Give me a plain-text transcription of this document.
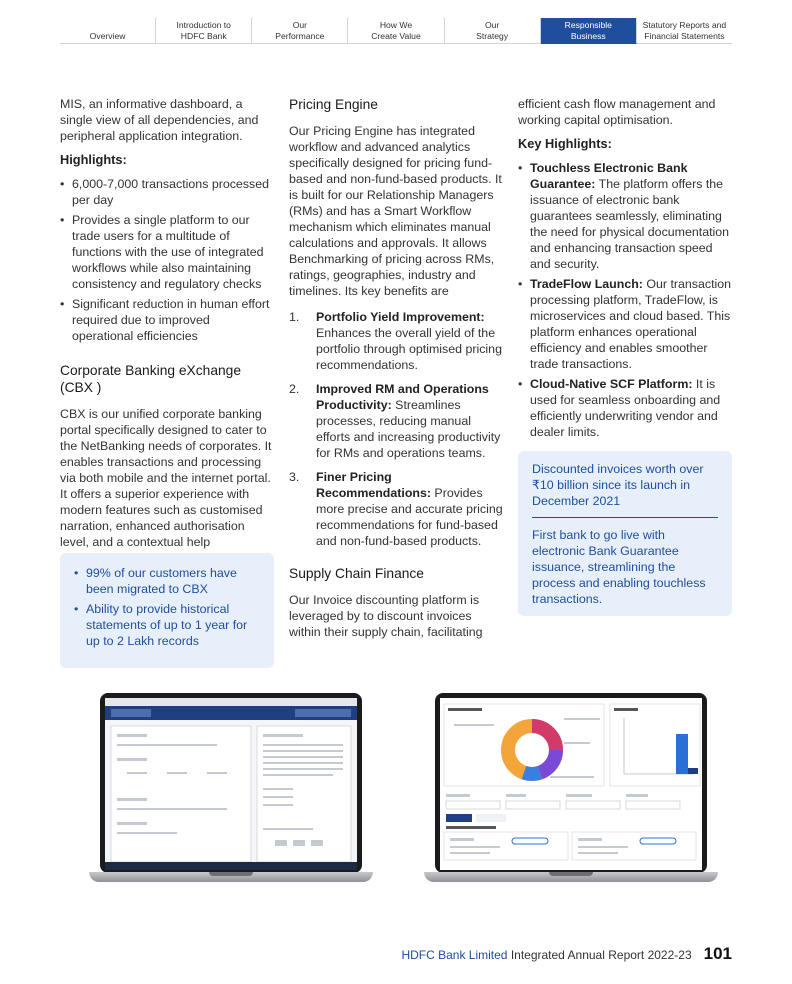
Overview
Introduction to
HDFC Bank
Our
Performance
How We
Create Value
Our
Strategy
Responsible
Business
Statutory Reports and
Financial Statements

MIS, an informative dashboard, a single view of all dependencies, and peripheral application integration.

Highlights:
• 6,000-7,000 transactions processed per day
• Provides a single platform to our trade users for a multitude of functions with the use of integrated workflows while also maintaining consistency and regulatory checks
• Significant reduction in human effort required due to improved operational efficiencies
Corporate Banking eXchange (CBX )

CBX is our unified corporate banking portal specifically designed to cater to the NetBanking needs of corporates. It enables transactions and processing via both mobile and the internet portal. It offers a superior experience with modern features such as customised narration, enhanced authorisation level, and a contextual help

• 99% of our customers have been migrated to CBX
• Ability to provide historical statements of up to 1 year for up to 2 Lakh records
Pricing Engine

Our Pricing Engine has integrated workflow and advanced analytics specifically designed for pricing fund-based and non-fund-based products. It is built for our Relationship Managers (RMs) and has a Smart Workflow mechanism which eliminates manual calculations and approvals. It allows Benchmarking of pricing across RMs, ratings, geographies, industry and timelines. Its key benefits are

1. Portfolio Yield Improvement: Enhances the overall yield of the portfolio through optimised pricing recommendations.
2. Improved RM and Operations Productivity: Streamlines processes, reducing manual efforts and increasing productivity for RMs and operations teams.
3. Finer Pricing Recommendations: Provides more precise and accurate pricing recommendations for fund-based and non-fund-based products.
Supply Chain Finance

Our Invoice discounting platform is leveraged by to discount invoices within their supply chain, facilitating

efficient cash flow management and working capital optimisation.

Key Highlights:
• Touchless Electronic Bank Guarantee: The platform offers the issuance of electronic bank guarantees seamlessly, eliminating the need for physical documentation and enhancing transaction speed and security.
• TradeFlow Launch: Our transaction processing platform, TradeFlow, is microservices and cloud based. This platform enhances operational efficiency and enables smoother trade transactions.
• Cloud-Native SCF Platform: It is used for seamless onboarding and efficiently underwriting vendor and dealer limits.
Discounted invoices worth over ₹10 billion since its launch in December 2021
First bank to go live with electronic Bank Guarantee issuance, streamlining the process and enabling touchless transactions.
HDFC Bank Limited Integrated Annual Report 2022-23 101
